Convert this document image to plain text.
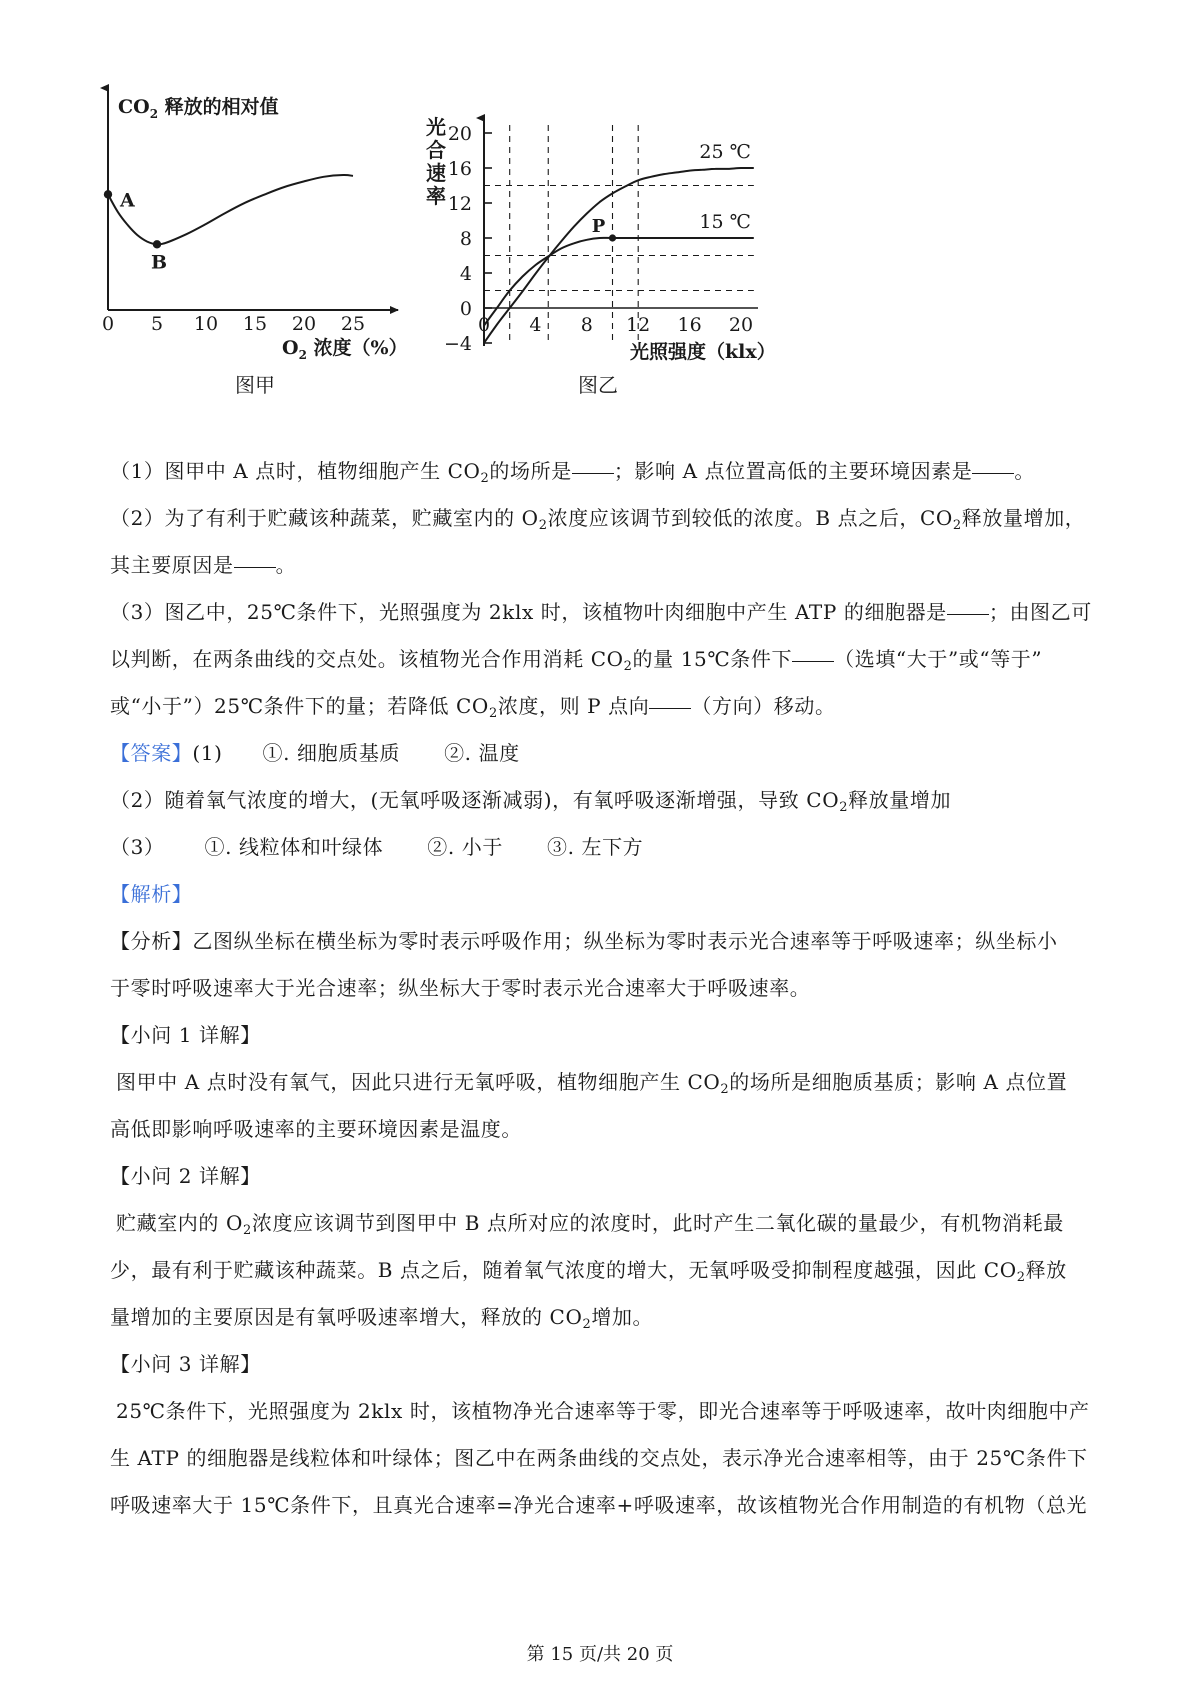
$CO_2$ 释放的相对值
$O_2$ 浓度（%）
0 5 10 15 20 25
A
B
图甲
光
合
速
率
光照强度（klx）
0 4 8 12 16 20
−4
0
4
8
12
16
20
25 ℃
15 ℃
P
图乙

（1）图甲中 A 点时，植物细胞产生 $CO_2$的场所是 ；影响 A 点位置高低的主要环境因素是 。

（2）为了有利于贮藏该种蔬菜，贮藏室内的 $O_2$浓度应该调节到较低的浓度。B 点之后，$CO_2$释放量增加，

其主要原因是 。

（3）图乙中，25℃条件下，光照强度为 2klx 时，该植物叶肉细胞中产生 ATP 的细胞器是 ；由图乙可

以判断，在两条曲线的交点处。该植物光合作用消耗 $CO_2$的量 15℃条件下 （选填“大于”或“等于”

或“小于”）25℃条件下的量；若降低 $CO_2$浓度，则 P 点向 （方向）移动。

【答案】(1) ①. 细胞质基质 ②. 温度

（2）随着氧气浓度的增大，(无氧呼吸逐渐减弱)，有氧呼吸逐渐增强，导致 $CO_2$释放量增加

（3） ①. 线粒体和叶绿体 ②. 小于 ③. 左下方

【解析】

【分析】乙图纵坐标在横坐标为零时表示呼吸作用；纵坐标为零时表示光合速率等于呼吸速率；纵坐标小

于零时呼吸速率大于光合速率；纵坐标大于零时表示光合速率大于呼吸速率。

【小问 1 详解】

图甲中 A 点时没有氧气，因此只进行无氧呼吸，植物细胞产生 $CO_2$的场所是细胞质基质；影响 A 点位置

高低即影响呼吸速率的主要环境因素是温度。

【小问 2 详解】

贮藏室内的 $O_2$浓度应该调节到图甲中 B 点所对应的浓度时，此时产生二氧化碳的量最少，有机物消耗最

少，最有利于贮藏该种蔬菜。B 点之后，随着氧气浓度的增大，无氧呼吸受抑制程度越强，因此 $CO_2$释放

量增加的主要原因是有氧呼吸速率增大，释放的 $CO_2$增加。

【小问 3 详解】

25℃条件下，光照强度为 2klx 时，该植物净光合速率等于零，即光合速率等于呼吸速率，故叶肉细胞中产

生 ATP 的细胞器是线粒体和叶绿体；图乙中在两条曲线的交点处，表示净光合速率相等，由于 25℃条件下

呼吸速率大于 15℃条件下，且真光合速率=净光合速率+呼吸速率，故该植物光合作用制造的有机物（总光

第 15 页/共 20 页
